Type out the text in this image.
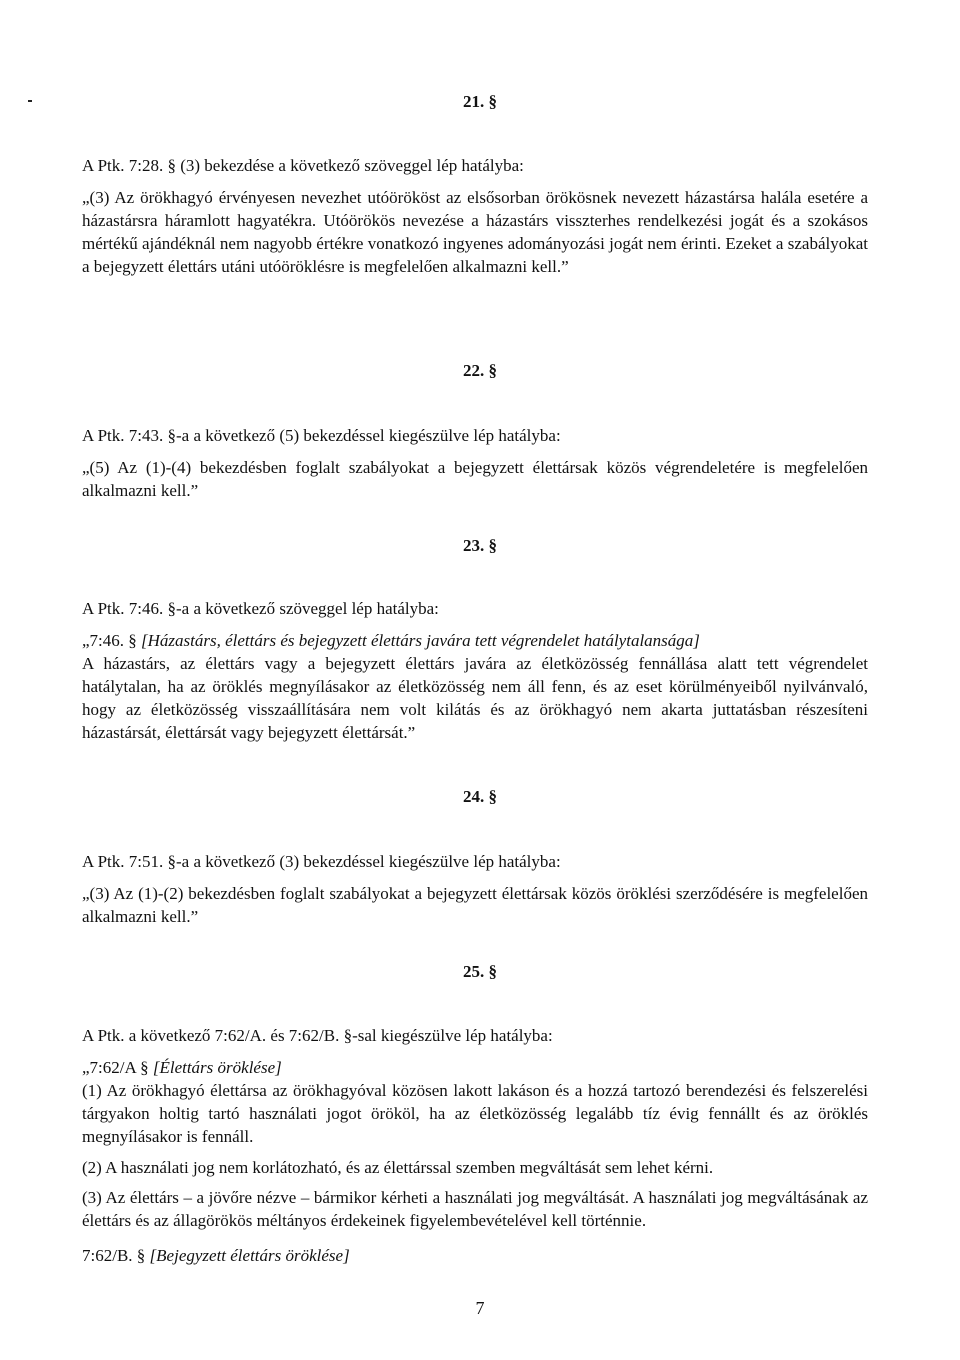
21. §

A Ptk. 7:28. § (3) bekezdése a következő szöveggel lép hatályba:

„(3) Az örökhagyó érvényesen nevezhet utóörököst az elsősorban örökösnek nevezett házastársa halála esetére a házastársra háramlott hagyatékra. Utóörökös nevezése a házastárs visszterhes rendelkezési jogát és a szokásos mértékű ajándéknál nem nagyobb értékre vonatkozó ingyenes adományozási jogát nem érinti. Ezeket a szabályokat a bejegyzett élettárs utáni utóöröklésre is megfelelően alkalmazni kell.”

22. §

A Ptk. 7:43. §-a a következő (5) bekezdéssel kiegészülve lép hatályba:

„(5) Az (1)-(4) bekezdésben foglalt szabályokat a bejegyzett élettársak közös végrendeletére is megfelelően alkalmazni kell.”

23. §

A Ptk. 7:46. §-a a következő szöveggel lép hatályba:

„7:46. § [Házastárs, élettárs és bejegyzett élettárs javára tett végrendelet hatálytalansága]

A házastárs, az élettárs vagy a bejegyzett élettárs javára az életközösség fennállása alatt tett végrendelet hatálytalan, ha az öröklés megnyílásakor az életközösség nem áll fenn, és az eset körülményeiből nyilvánvaló, hogy az életközösség visszaállítására nem volt kilátás és az örökhagyó nem akarta juttatásban részesíteni házastársát, élettársát vagy bejegyzett élettársát.”

24. §

A Ptk. 7:51. §-a a következő (3) bekezdéssel kiegészülve lép hatályba:

„(3) Az (1)-(2) bekezdésben foglalt szabályokat a bejegyzett élettársak közös öröklési szerződésére is megfelelően alkalmazni kell.”

25. §

A Ptk. a következő 7:62/A. és 7:62/B. §-sal kiegészülve lép hatályba:

„7:62/A § [Élettárs öröklése]

(1) Az örökhagyó élettársa az örökhagyóval közösen lakott lakáson és a hozzá tartozó berendezési és felszerelési tárgyakon holtig tartó használati jogot örököl, ha az életközösség legalább tíz évig fennállt és az öröklés megnyílásakor is fennáll.

(2) A használati jog nem korlátozható, és az élettárssal szemben megváltását sem lehet kérni.

(3) Az élettárs – a jövőre nézve – bármikor kérheti a használati jog megváltását. A használati jog megváltásának az élettárs és az állagörökös méltányos érdekeinek figyelembevételével kell történnie.

7:62/B. § [Bejegyzett élettárs öröklése]

7
